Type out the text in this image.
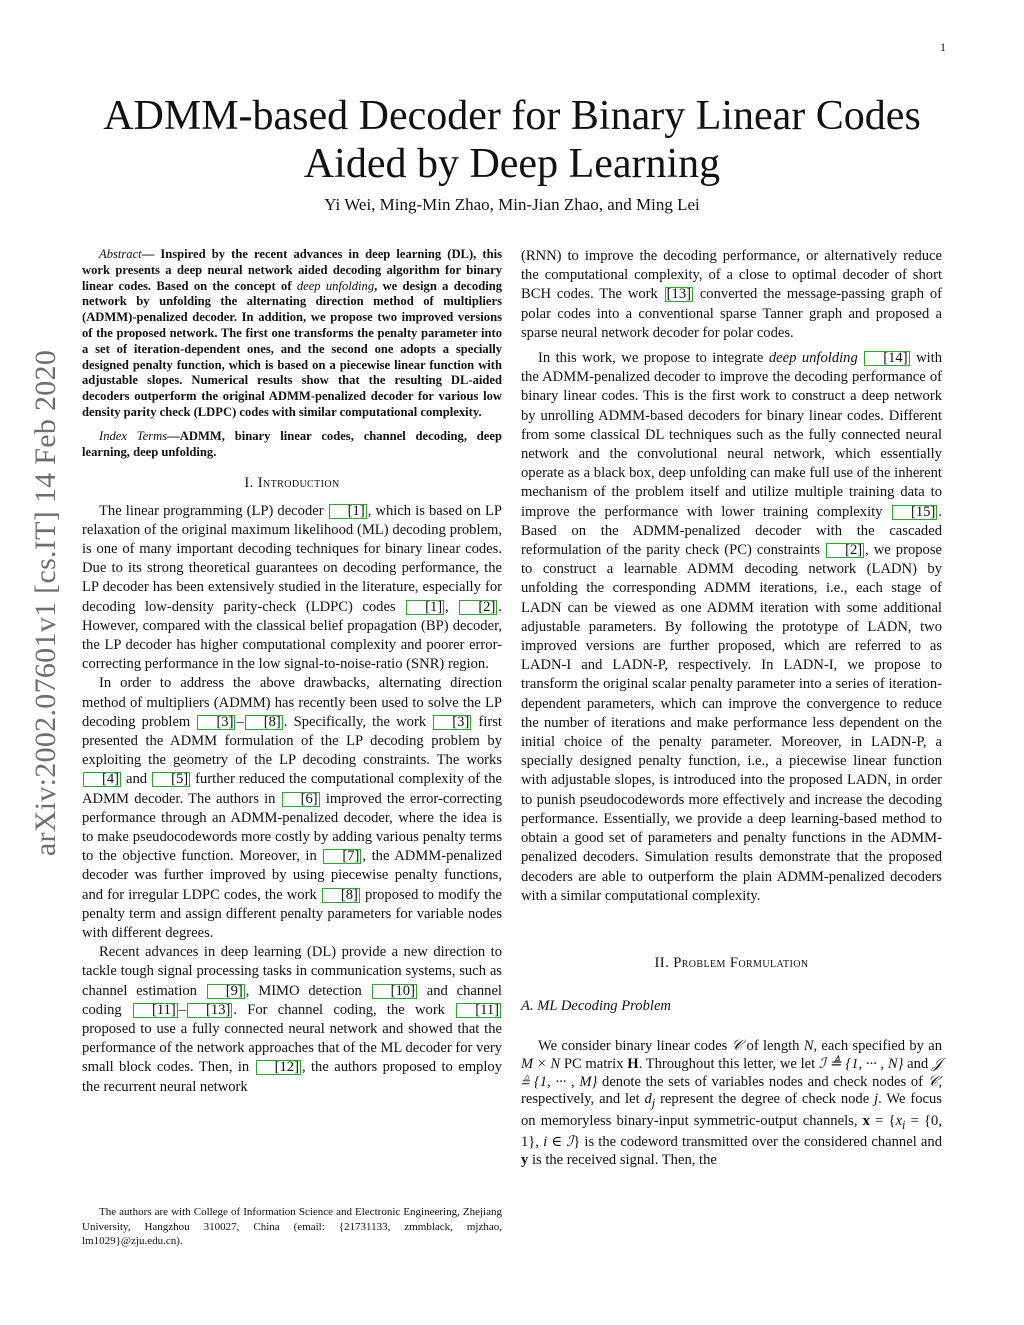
1
arXiv:2002.07601v1 [cs.IT] 14 Feb 2020
ADMM-based Decoder for Binary Linear Codes
Aided by Deep Learning
Yi Wei, Ming-Min Zhao, Min-Jian Zhao, and Ming Lei

Abstract— Inspired by the recent advances in deep learning (DL), this work presents a deep neural network aided decoding algorithm for binary linear codes. Based on the concept of deep unfolding, we design a decoding network by unfolding the alternating direction method of multipliers (ADMM)-penalized decoder. In addition, we propose two improved versions of the proposed network. The first one transforms the penalty parameter into a set of iteration-dependent ones, and the second one adopts a specially designed penalty function, which is based on a piecewise linear function with adjustable slopes. Numerical results show that the resulting DL-aided decoders outperform the original ADMM-penalized decoder for various low density parity check (LDPC) codes with similar computational complexity.

Index Terms—ADMM, binary linear codes, channel decoding, deep learning, deep unfolding.

I. Introduction

The linear programming (LP) decoder [1] , which is based on LP relaxation of the original maximum likelihood (ML) decoding problem, is one of many important decoding techniques for binary linear codes. Due to its strong theoretical guarantees on decoding performance, the LP decoder has been extensively studied in the literature, especially for decoding low-density parity-check (LDPC) codes [1] , [2] . However, compared with the classical belief propagation (BP) decoder, the LP decoder has higher computational complexity and poorer error-correcting performance in the low signal-to-noise-ratio (SNR) region.

In order to address the above drawbacks, alternating direction method of multipliers (ADMM) has recently been used to solve the LP decoding problem [3] – [8] . Specifically, the work [3] first presented the ADMM formulation of the LP decoding problem by exploiting the geometry of the LP decoding constraints. The works [4] and [5] further reduced the computational complexity of the ADMM decoder. The authors in [6] improved the error-correcting performance through an ADMM-penalized decoder, where the idea is to make pseudocodewords more costly by adding various penalty terms to the objective function. Moreover, in [7] , the ADMM-penalized decoder was further improved by using piecewise penalty functions, and for irregular LDPC codes, the work [8] proposed to modify the penalty term and assign different penalty parameters for variable nodes with different degrees.

Recent advances in deep learning (DL) provide a new direction to tackle tough signal processing tasks in communication systems, such as channel estimation [9] , MIMO detection [10] and channel coding [11] – [13] . For channel coding, the work [11] proposed to use a fully connected neural network and showed that the performance of the network approaches that of the ML decoder for very small block codes. Then, in [12] , the authors proposed to employ the recurrent neural network

The authors are with College of Information Science and Electronic Engineering, Zhejiang University, Hangzhou 310027, China (email: {21731133, zmmblack, mjzhao, lm1029}@zju.edu.cn).

(RNN) to improve the decoding performance, or alternatively reduce the computational complexity, of a close to optimal decoder of short BCH codes. The work [13] converted the message-passing graph of polar codes into a conventional sparse Tanner graph and proposed a sparse neural network decoder for polar codes.

In this work, we propose to integrate deep unfolding [14] with the ADMM-penalized decoder to improve the decoding performance of binary linear codes. This is the first work to construct a deep network by unrolling ADMM-based decoders for binary linear codes. Different from some classical DL techniques such as the fully connected neural network and the convolutional neural network, which essentially operate as a black box, deep unfolding can make full use of the inherent mechanism of the problem itself and utilize multiple training data to improve the performance with lower training complexity [15] . Based on the ADMM-penalized decoder with the cascaded reformulation of the parity check (PC) constraints [2] , we propose to construct a learnable ADMM decoding network (LADN) by unfolding the corresponding ADMM iterations, i.e., each stage of LADN can be viewed as one ADMM iteration with some additional adjustable parameters. By following the prototype of LADN, two improved versions are further proposed, which are referred to as LADN-I and LADN-P, respectively. In LADN-I, we propose to transform the original scalar penalty parameter into a series of iteration-dependent parameters, which can improve the convergence to reduce the number of iterations and make performance less dependent on the initial choice of the penalty parameter. Moreover, in LADN-P, a specially designed penalty function, i.e., a piecewise linear function with adjustable slopes, is introduced into the proposed LADN, in order to punish pseudocodewords more effectively and increase the decoding performance. Essentially, we provide a deep learning-based method to obtain a good set of parameters and penalty functions in the ADMM-penalized decoders. Simulation results demonstrate that the proposed decoders are able to outperform the plain ADMM-penalized decoders with a similar computational complexity.

II. Problem Formulation
A. ML Decoding Problem

We consider binary linear codes 𝒞 of length N, each specified by an M × N PC matrix H. Throughout this letter, we let ℐ ≜ {1, ··· , N} and 𝒥 ≜ {1, ··· , M} denote the sets of variables nodes and check nodes of 𝒞, respectively, and let $d_j$ represent the degree of check node j. We focus on memoryless binary-input symmetric-output channels, $x = \{x_i = \{0$, 1}, i ∈ ℐ} is the codeword transmitted over the considered channel and y is the received signal. Then, the
